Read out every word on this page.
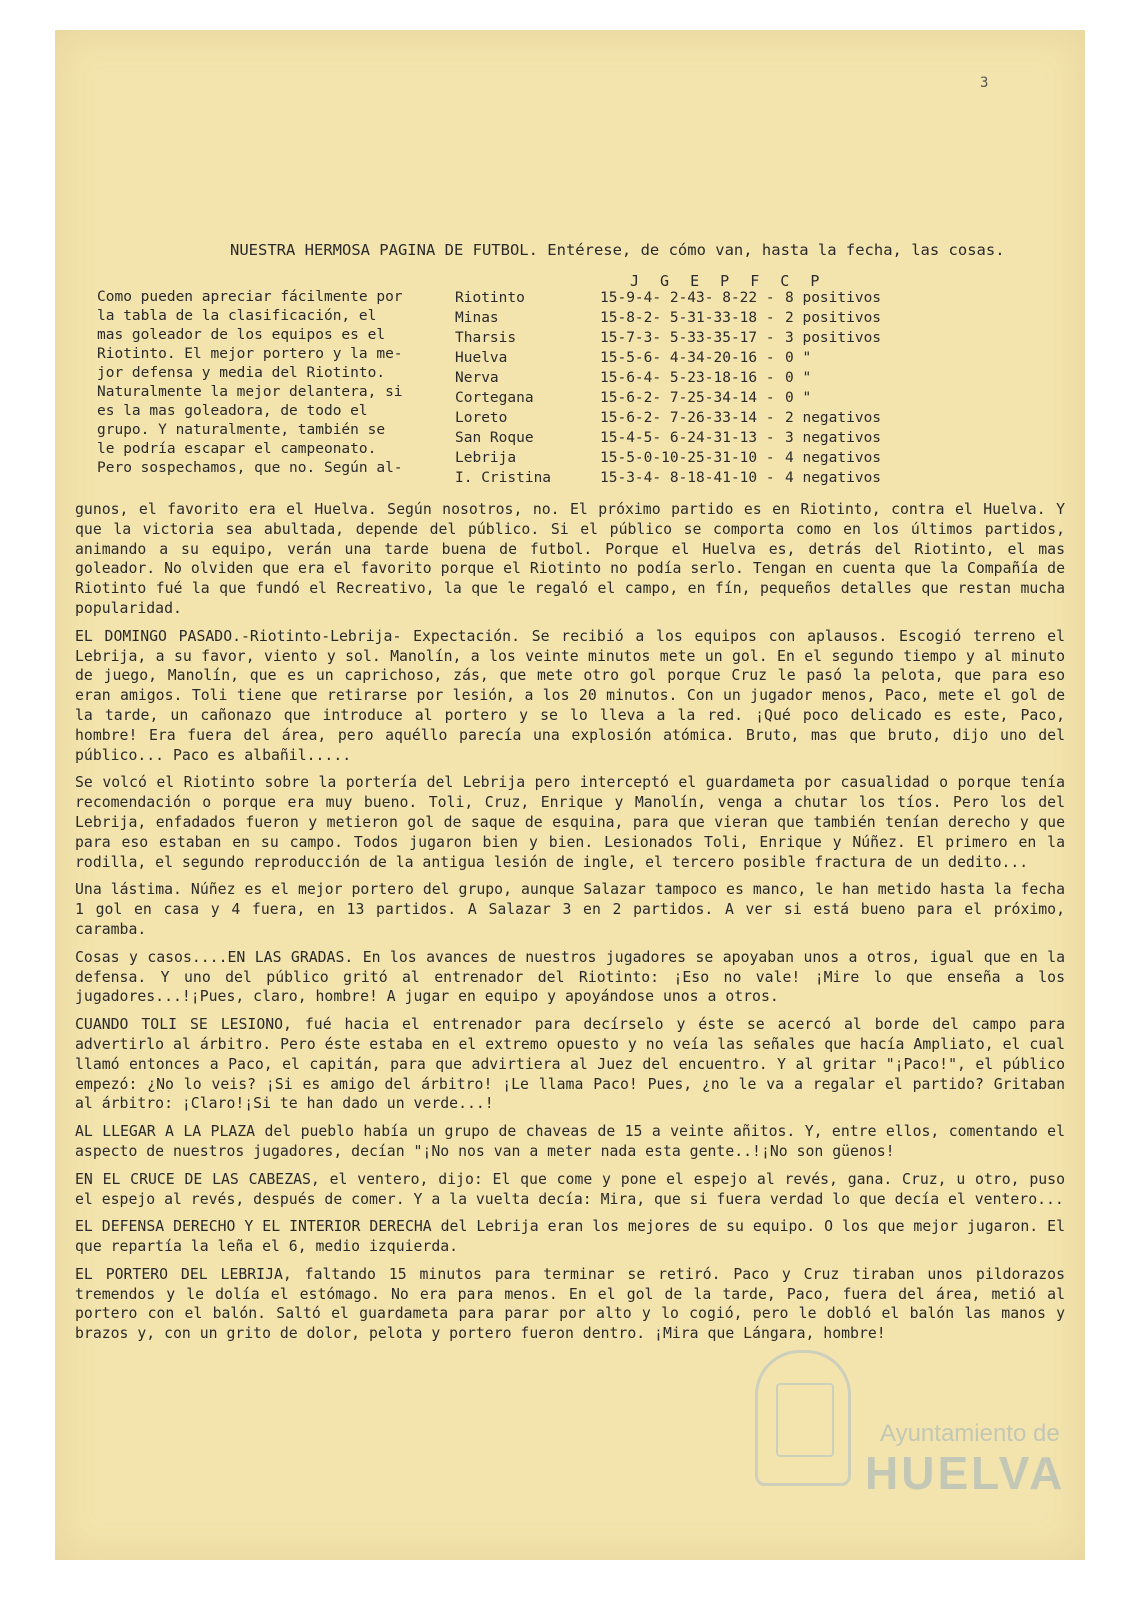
3
NUESTRA HERMOSA PAGINA DE FUTBOL. Entérese, de cómo van, hasta la fecha, las cosas.
J G E P F C P
Como pueden apreciar fácilmente por
la tabla de la clasificación, el
mas goleador de los equipos es el
Riotinto. El mejor portero y la me-
jor defensa y media del Riotinto.
Naturalmente la mejor delantera, si
es la mas goleadora, de todo el
grupo. Y naturalmente, también se
le podría escapar el campeonato.
Pero sospechamos, que no. Según al-
Riotinto	15-9-4- 2-43- 8-22 - 8 positivos
Minas	15-8-2- 5-31-33-18 - 2 positivos
Tharsis	15-7-3- 5-33-35-17 - 3 positivos
Huelva	15-5-6- 4-34-20-16 - 0 "
Nerva	15-6-4- 5-23-18-16 - 0 "
Cortegana	15-6-2- 7-25-34-14 - 0 "
Loreto	15-6-2- 7-26-33-14 - 2 negativos
San Roque	15-4-5- 6-24-31-13 - 3 negativos
Lebrija	15-5-0-10-25-31-10 - 4 negativos
I. Cristina	15-3-4- 8-18-41-10 - 4 negativos

gunos, el favorito era el Huelva. Según nosotros, no. El próximo partido es en Riotinto, contra el Huelva. Y que la victoria sea abultada, depende del público. Si el público se comporta como en los últimos partidos, animando a su equipo, verán una tarde buena de futbol. Porque el Huelva es, detrás del Riotinto, el mas goleador. No olviden que era el favorito porque el Riotinto no podía serlo. Tengan en cuenta que la Compañía de Riotinto fué la que fundó el Recreativo, la que le regaló el campo, en fín, pequeños detalles que restan mucha popularidad.

EL DOMINGO PASADO.-Riotinto-Lebrija- Expectación. Se recibió a los equipos con aplausos. Escogió terreno el Lebrija, a su favor, viento y sol. Manolín, a los veinte minutos mete un gol. En el segundo tiempo y al minuto de juego, Manolín, que es un caprichoso, zás, que mete otro gol porque Cruz le pasó la pelota, que para eso eran amigos. Toli tiene que retirarse por lesión, a los 20 minutos. Con un jugador menos, Paco, mete el gol de la tarde, un cañonazo que introduce al portero y se lo lleva a la red. ¡Qué poco delicado es este, Paco, hombre! Era fuera del área, pero aquéllo parecía una explosión atómica. Bruto, mas que bruto, dijo uno del público... Paco es albañil.....

Se volcó el Riotinto sobre la portería del Lebrija pero interceptó el guardameta por casualidad o porque tenía recomendación o porque era muy bueno. Toli, Cruz, Enrique y Manolín, venga a chutar los tíos. Pero los del Lebrija, enfadados fueron y metieron gol de saque de esquina, para que vieran que también tenían derecho y que para eso estaban en su campo. Todos jugaron bien y bien. Lesionados Toli, Enrique y Núñez. El primero en la rodilla, el segundo reproducción de la antigua lesión de ingle, el tercero posible fractura de un dedito...

Una lástima. Núñez es el mejor portero del grupo, aunque Salazar tampoco es manco, le han metido hasta la fecha 1 gol en casa y 4 fuera, en 13 partidos. A Salazar 3 en 2 partidos. A ver si está bueno para el próximo, caramba.

Cosas y casos....EN LAS GRADAS. En los avances de nuestros jugadores se apoyaban unos a otros, igual que en la defensa. Y uno del público gritó al entrenador del Riotinto: ¡Eso no vale! ¡Mire lo que enseña a los jugadores...!¡Pues, claro, hombre! A jugar en equipo y apoyándose unos a otros.

CUANDO TOLI SE LESIONO, fué hacia el entrenador para decírselo y éste se acercó al borde del campo para advertirlo al árbitro. Pero éste estaba en el extremo opuesto y no veía las señales que hacía Ampliato, el cual llamó entonces a Paco, el capitán, para que advirtiera al Juez del encuentro. Y al gritar "¡Paco!", el público empezó: ¿No lo veis? ¡Si es amigo del árbitro! ¡Le llama Paco! Pues, ¿no le va a regalar el partido? Gritaban al árbitro: ¡Claro!¡Si te han dado un verde...!

AL LLEGAR A LA PLAZA del pueblo había un grupo de chaveas de 15 a veinte añitos. Y, entre ellos, comentando el aspecto de nuestros jugadores, decían "¡No nos van a meter nada esta gente..!¡No son güenos!

EN EL CRUCE DE LAS CABEZAS, el ventero, dijo: El que come y pone el espejo al revés, gana. Cruz, u otro, puso el espejo al revés, después de comer. Y a la vuelta decía: Mira, que si fuera verdad lo que decía el ventero...

EL DEFENSA DERECHO Y EL INTERIOR DERECHA del Lebrija eran los mejores de su equipo. O los que mejor jugaron. El que repartía la leña el 6, medio izquierda.

EL PORTERO DEL LEBRIJA, faltando 15 minutos para terminar se retiró. Paco y Cruz tiraban unos pildorazos tremendos y le dolía el estómago. No era para menos. En el gol de la tarde, Paco, fuera del área, metió al portero con el balón. Saltó el guardameta para parar por alto y lo cogió, pero le dobló el balón las manos y brazos y, con un grito de dolor, pelota y portero fueron dentro. ¡Mira que Lángara, hombre!

Ayuntamiento de
HUELVA
